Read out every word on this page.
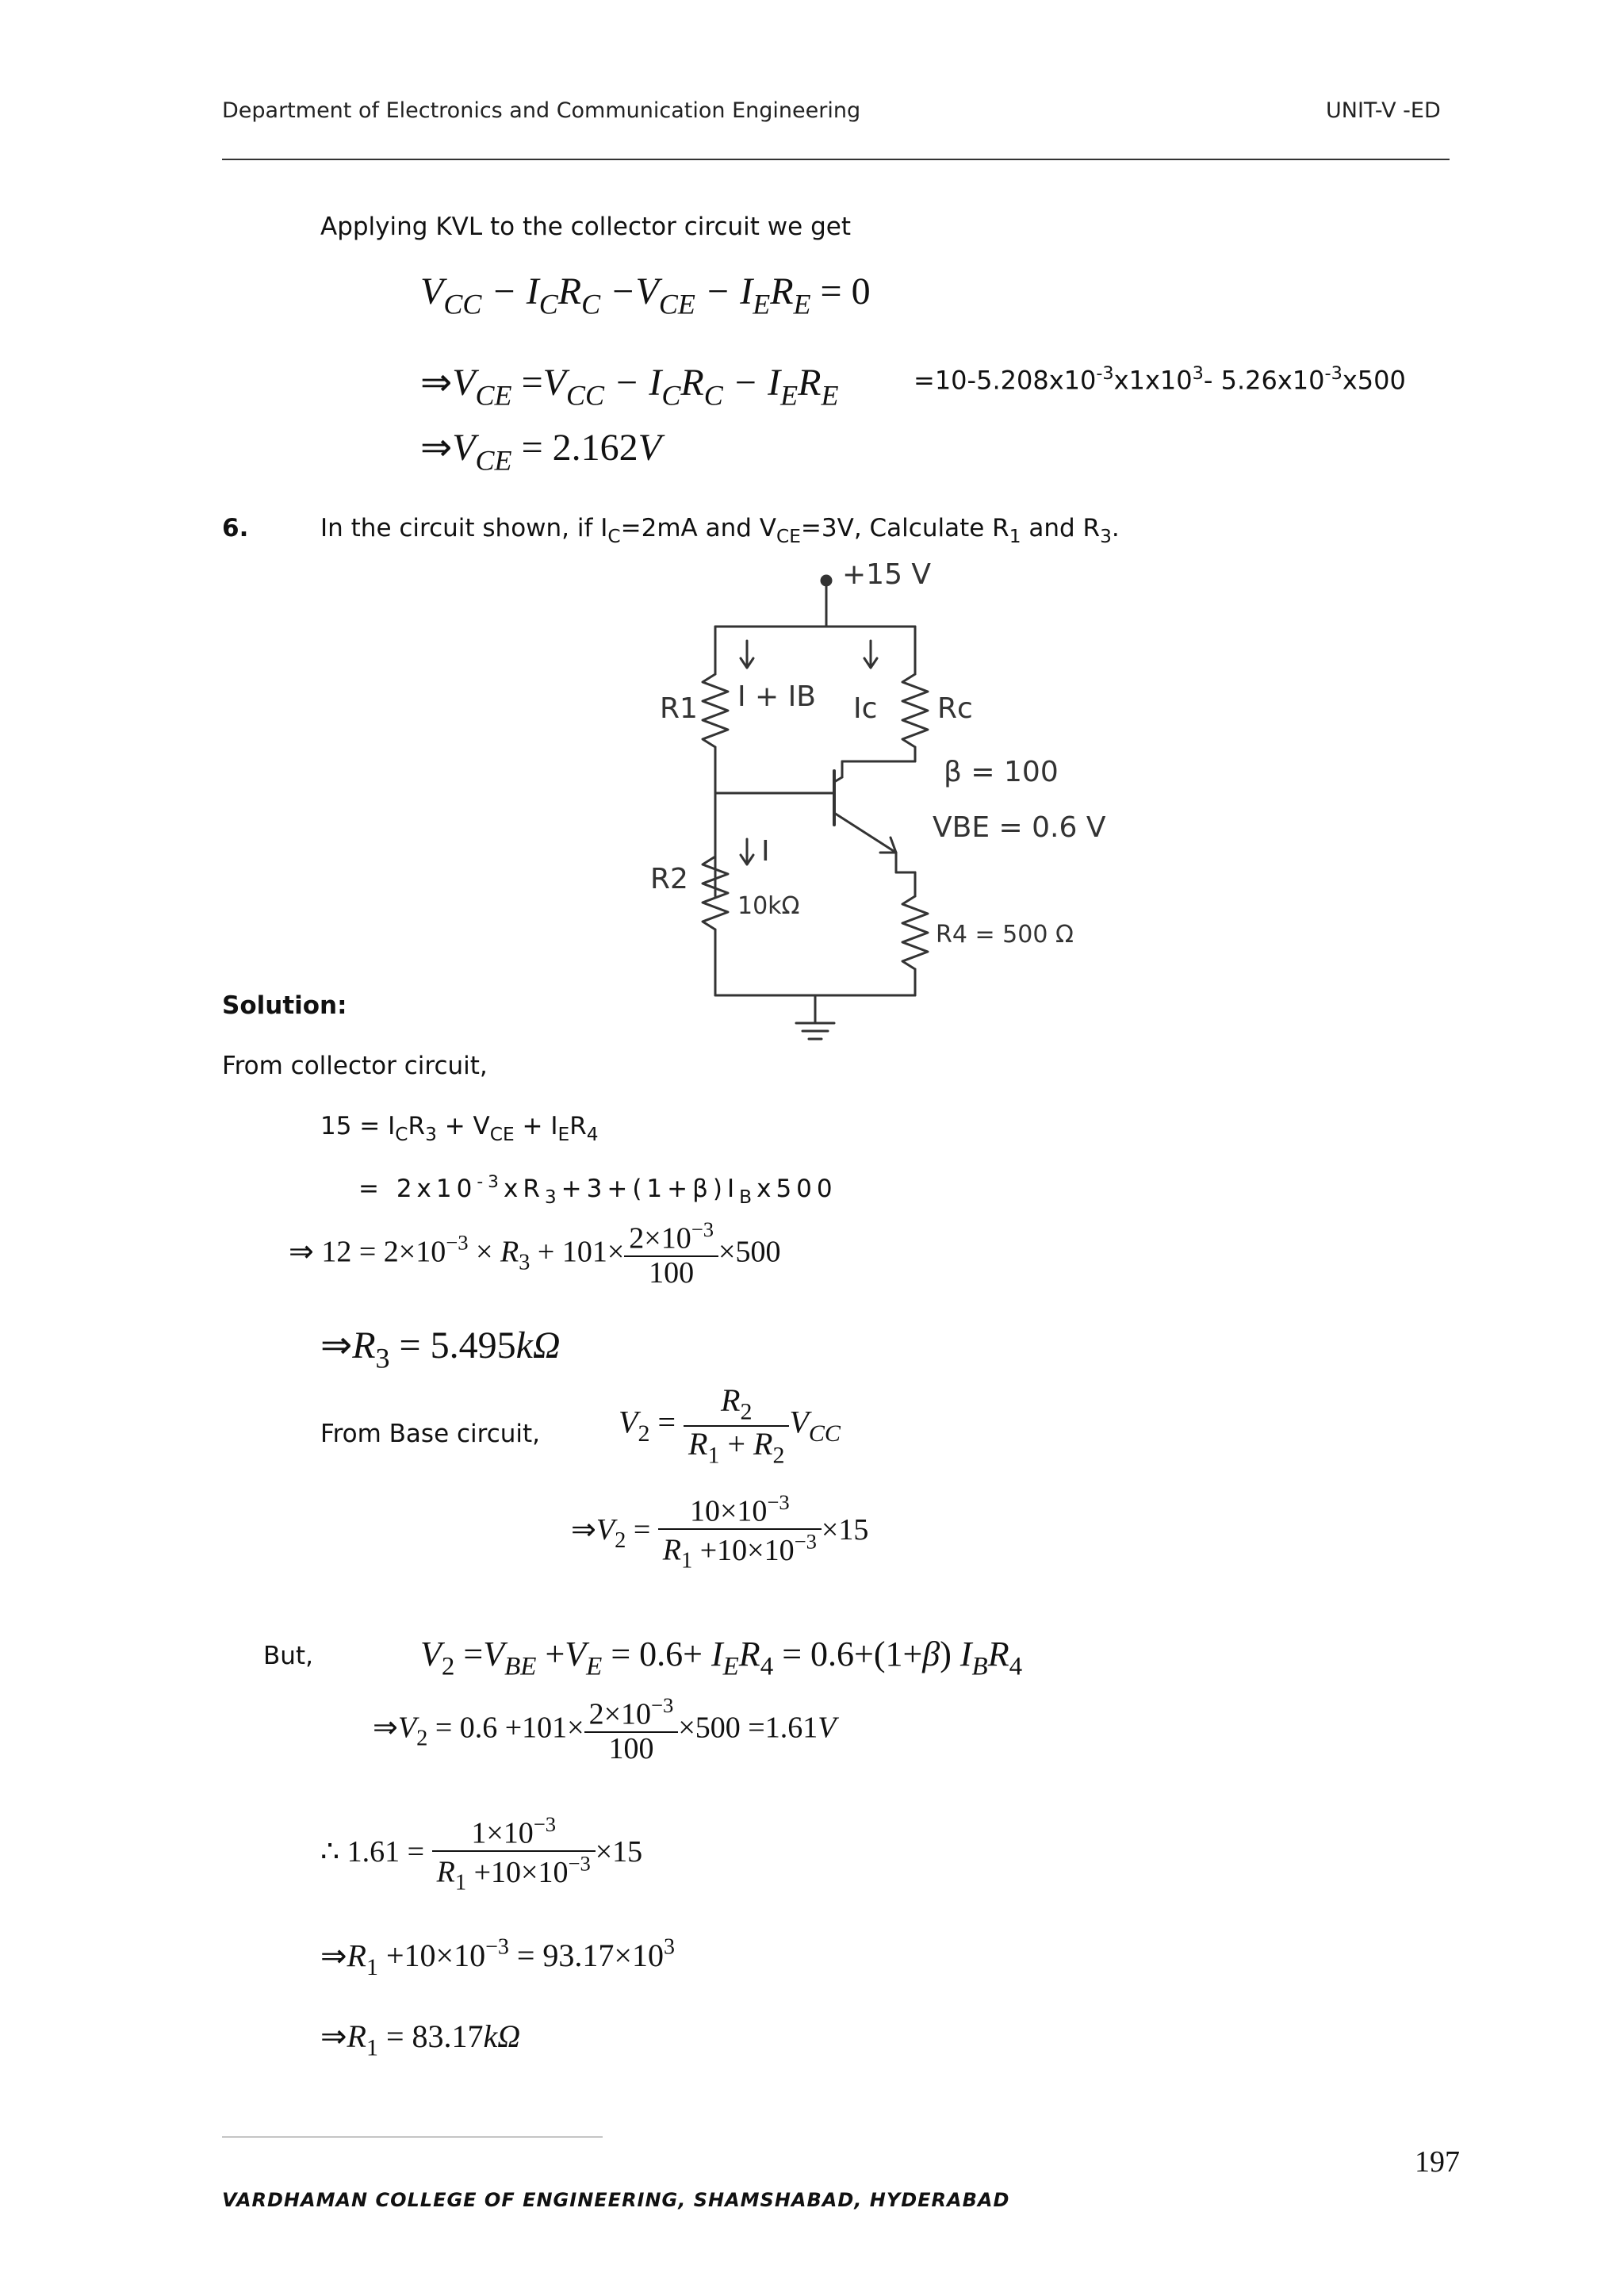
Department of Electronics and Communication Engineering	UNIT-V -ED
Applying KVL to the collector circuit we get
$V_{CC} - I_CR_C -V_{CE} - I_ER_E = 0$
$\Rightarrow V_{CE} =V_{CC} - I_CR_C - I_ER_E$	$=10-5.208x10^{-3}x1x10^3-$ $5.26x10^{-3}x500$
$\Rightarrow V_{CE} = 2.162V$
6.	In the circuit shown, if $I_C=2mA$ and $V_{CE}=3V$, Calculate $R_1$ and $R_3$.
+15 V
R1 I + IB Ic Rc
β = 100
VBE = 0.6 V
R2
I
10kΩ
R4 = 500 Ω
Solution:
From collector circuit,
$15 = I_CR_3 + V_{CE} + I_ER_4$
= $2x10^{-3}xR_3+3+(1+\beta)I_Bx500$
⇒ $12 = 2\times 10^{-3} \times R_3 + 101\times \frac{2\times 10^{-3}}{100} \times 500$
$\Rightarrow R_3 = 5.495k\Omega$
From Base circuit, $V_2 = \frac{R_2}{R_1 + R_2} V_{CC}$
$\Rightarrow V_2 = \frac{10\times 10^{-3}}{R_1 +10\times 10^{-3}} \times 15$
But,	$V_2 =V_{BE} +V_E = 0.6+ I_ER_4 = 0.6+(1+\beta)$ $I_BR_4$
$\Rightarrow V_2 = 0.6 +101\times \frac{2\times 10^{-3}}{100} \times 500 =1.61V$
∴ $1.61 = \frac{1\times 10^{-3}}{R_1 +10\times 10^{-3}} \times 15$
$\Rightarrow R_1 +10\times 10^{-3} = 93.17\times 10^3$
$\Rightarrow R_1 = 83.17k\Omega$
197
VARDHAMAN COLLEGE OF ENGINEERING, SHAMSHABAD, HYDERABAD
